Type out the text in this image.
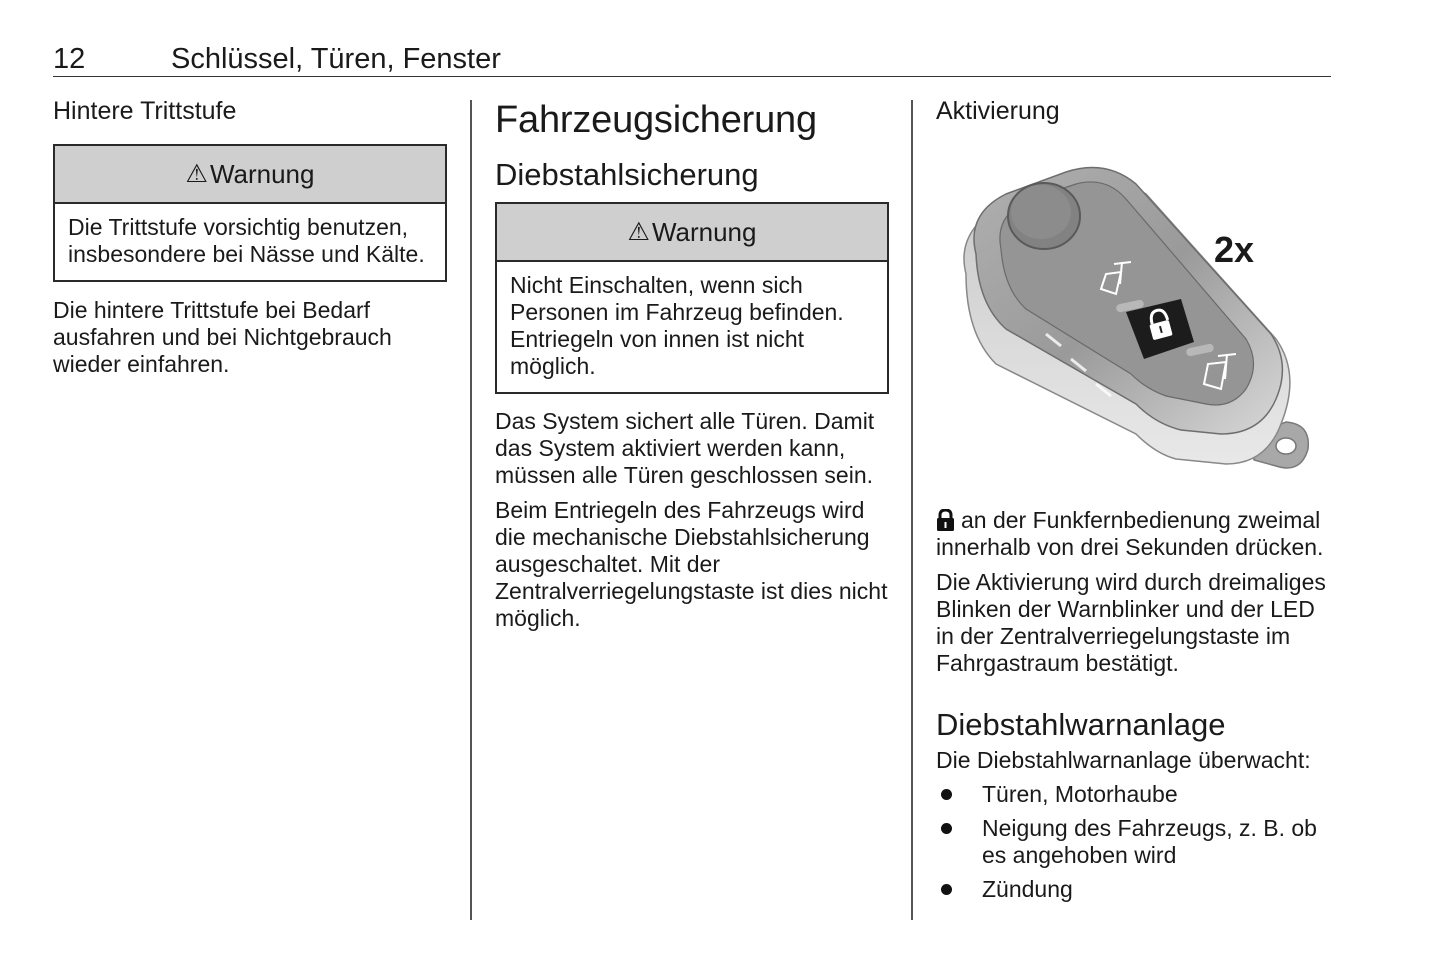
12	Schlüssel, Türen, Fenster
Hintere Trittstufe
⚠ Warnung
Die Trittstufe vorsichtig benutzen, insbesondere bei Nässe und Kälte.

Die hintere Trittstufe bei Bedarf ausfahren und bei Nichtgebrauch wieder einfahren.

Fahrzeugsicherung
Diebstahlsicherung
⚠ Warnung
Nicht Einschalten, wenn sich Personen im Fahrzeug befinden. Entriegeln von innen ist nicht möglich.

Das System sichert alle Türen. Damit das System aktiviert werden kann, müssen alle Türen geschlossen sein.

Beim Entriegeln des Fahrzeugs wird die mechanische Diebstahlsicherung ausgeschaltet. Mit der Zentralverriegelungstaste ist dies nicht möglich.

Aktivierung
2x

an der Funkfernbedienung zweimal innerhalb von drei Sekunden drücken.

Die Aktivierung wird durch dreimaliges Blinken der Warnblinker und der LED in der Zentralverriegelungstaste im Fahrgastraum bestätigt.

Diebstahlwarnanlage

Die Diebstahlwarnanlage überwacht:

Türen, Motorhaube
Neigung des Fahrzeugs, z. B. ob es angehoben wird
Zündung
